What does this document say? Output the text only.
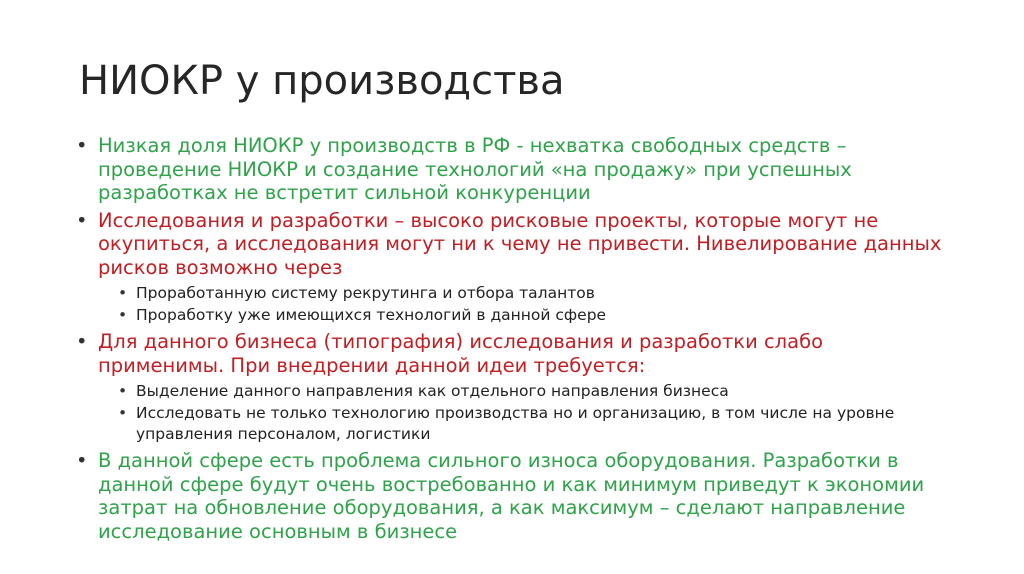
НИОКР у производства
• Низкая доля НИОКР у производств в РФ - нехватка свободных средств – проведение НИОКР и создание технологий «на продажу» при успешных разработках не встретит сильной конкуренции
• Исследования и разработки – высоко рисковые проекты, которые могут не окупиться, а исследования могут ни к чему не привести. Нивелирование данных рисков возможно через
• Проработанную систему рекрутинга и отбора талантов
• Проработку уже имеющихся технологий в данной сфере
• Для данного бизнеса (типография) исследования и разработки слабо применимы. При внедрении данной идеи требуется:
• Выделение данного направления как отдельного направления бизнеса
• Исследовать не только технологию производства но и организацию, в том числе на уровне управления персоналом, логистики
• В данной сфере есть проблема сильного износа оборудования. Разработки в данной сфере будут очень востребованно и как минимум приведут к экономии затрат на обновление оборудования, а как максимум – сделают направление исследование основным в бизнесе
